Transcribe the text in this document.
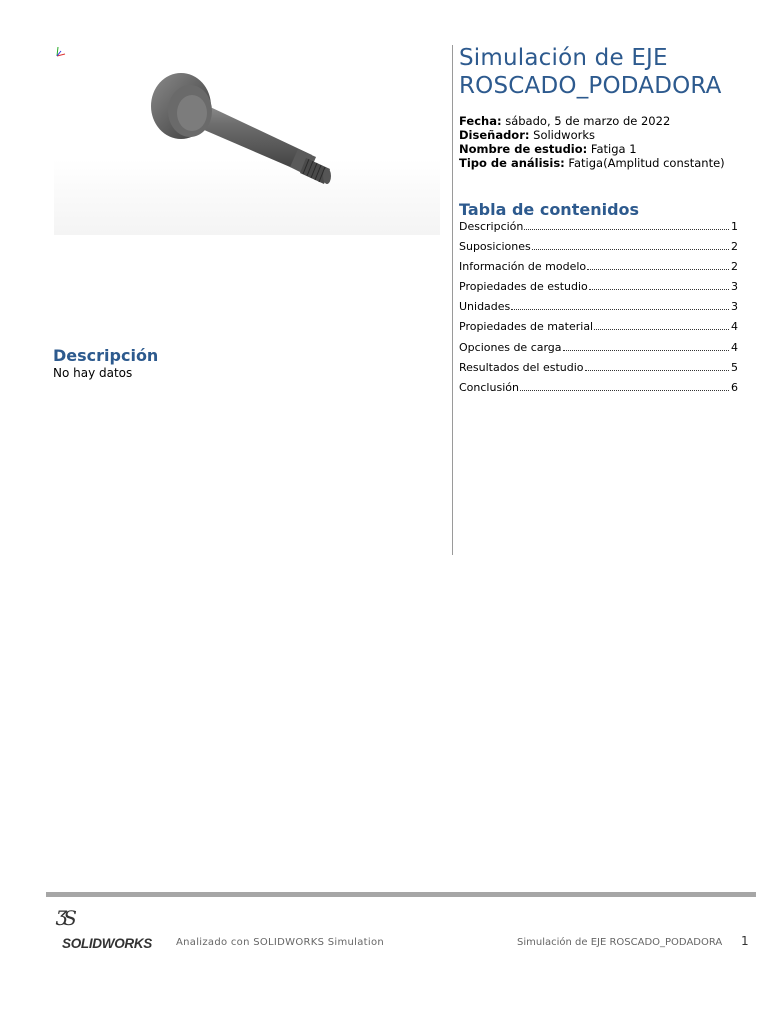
Simulación de EJE ROSCADO_PODADORA
Fecha: sábado, 5 de marzo de 2022
Diseñador: Solidworks
Nombre de estudio: Fatiga 1
Tipo de análisis: Fatiga(Amplitud constante)
Tabla de contenidos
Descripción	1
Suposiciones	2
Información de modelo	2
Propiedades de estudio	3
Unidades	3
Propiedades de material	4
Opciones de carga	4
Resultados del estudio	5
Conclusión	6
Descripción
No hay datos
ƷS
SOLIDWORKS Analizado con SOLIDWORKS Simulation	Simulación de EJE ROSCADO_PODADORA 1
